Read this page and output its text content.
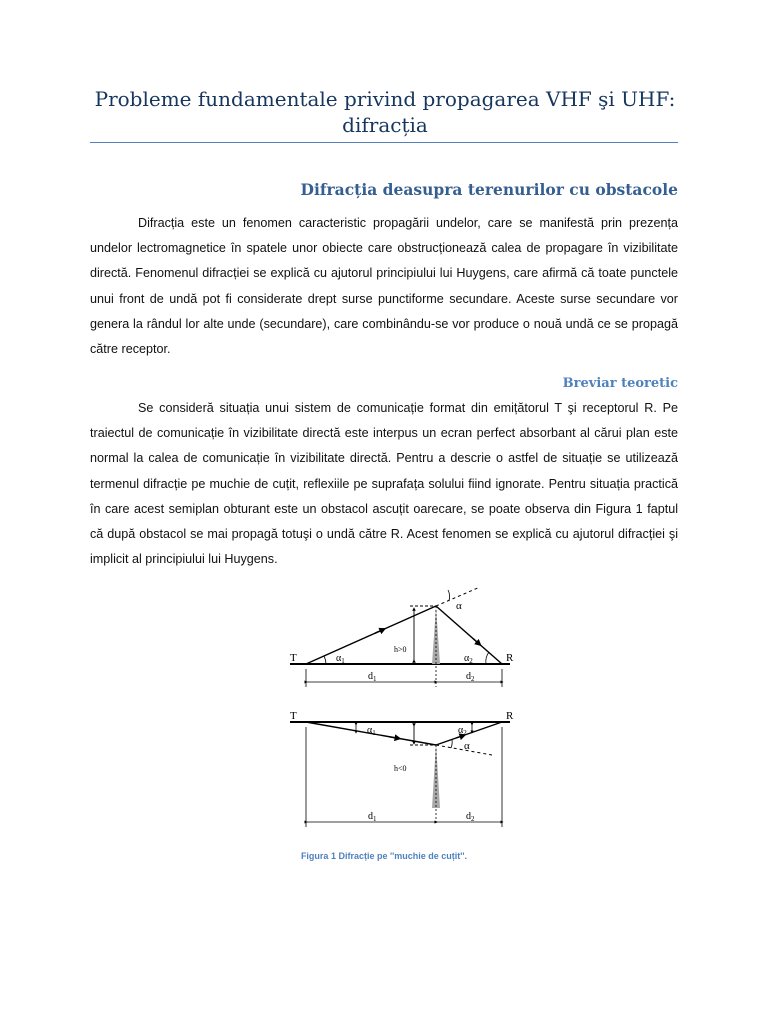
Probleme fundamentale privind propagarea VHF şi UHF: difracția
Difracția deasupra terenurilor cu obstacole

Difracția este un fenomen caracteristic propagării undelor, care se manifestă prin prezența undelor lectromagnetice în spatele unor obiecte care obstrucționează calea de propagare în vizibilitate directă. Fenomenul difracției se explică cu ajutorul principiului lui Huygens, care afirmă că toate punctele unui front de undă pot fi considerate drept surse punctiforme secundare. Aceste surse secundare vor genera la rândul lor alte unde (secundare), care combinându-se vor produce o nouă undă ce se propagă către receptor.

Breviar teoretic

Se consideră situația unui sistem de comunicație format din emițătorul T şi receptorul R. Pe traiectul de comunicație în vizibilitate directă este interpus un ecran perfect absorbant al cărui plan este normal la calea de comunicație în vizibilitate directă. Pentru a descrie o astfel de situație se utilizează termenul difracție pe muchie de cuțit, reflexiile pe suprafața solului fiind ignorate. Pentru situația practică în care acest semiplan obturant este un obstacol ascuțit oarecare, se poate observa din Figura 1 faptul că după obstacol se mai propagă totuşi o undă către R. Acest fenomen se explică cu ajutorul difracției şi implicit al principiului lui Huygens.

T	R
h>0
α
$\alpha_1$	$\alpha_2$
$d_1$	$d_2$
T	R
h<0
α
$\alpha_1$	$\alpha_2$
$d_1$	$d_2$

Figura 1 Difracție pe ''muchie de cuțit''.
